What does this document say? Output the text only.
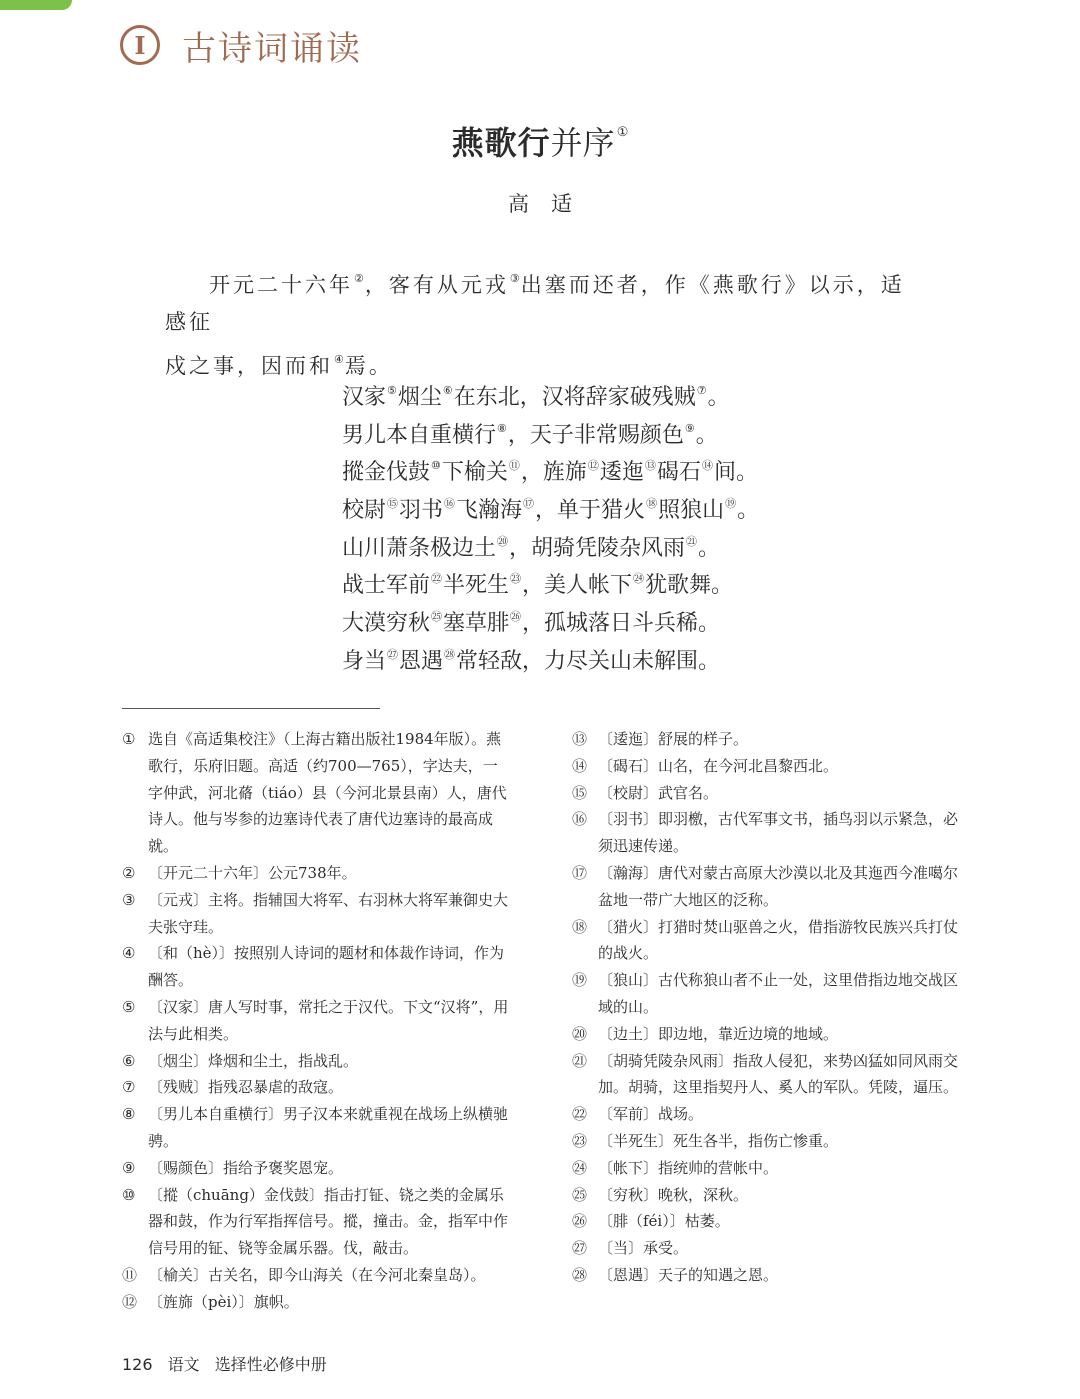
I	古诗词诵读
燕歌行并序 ①
高适

开元二十六年②，客有从元戎③出塞而还者，作《燕歌行》以示，适感征

戍之事，因而和④焉。

汉家⑤烟尘⑥在东北，汉将辞家破残贼⑦。
男儿本自重横行⑧，天子非常赐颜色⑨。
摐金伐鼓⑩下榆关⑪，旌旆⑫逶迤⑬碣石⑭间。
校尉⑮羽书⑯飞瀚海⑰，单于猎火⑱照狼山⑲。
山川萧条极边土⑳，胡骑凭陵杂风雨$^㉑$。
战士军前$^㉒$半死生$^㉓$，美人帐下$^㉔$犹歌舞。
大漠穷秋$^㉕$塞草腓$^㉖$，孤城落日斗兵稀。
身当$^㉗$恩遇$^㉘$常轻敌，力尽关山未解围。
① 选自《高适集校注》（上海古籍出版社1984年版）。燕歌行，乐府旧题。高适（约700—765），字达夫，一字仲武，河北蓨（tiáo）县（今河北景县南）人，唐代诗人。他与岑参的边塞诗代表了唐代边塞诗的最高成就。
② 〔开元二十六年〕公元738年。
③ 〔元戎〕主将。指辅国大将军、右羽林大将军兼御史大夫张守珪。
④ 〔和（hè）〕按照别人诗词的题材和体裁作诗词，作为酬答。
⑤ 〔汉家〕唐人写时事，常托之于汉代。下文“汉将”，用法与此相类。
⑥ 〔烟尘〕烽烟和尘土，指战乱。
⑦ 〔残贼〕指残忍暴虐的敌寇。
⑧ 〔男儿本自重横行〕男子汉本来就重视在战场上纵横驰骋。
⑨ 〔赐颜色〕指给予褒奖恩宠。
⑩ 〔摐（chuāng）金伐鼓〕指击打钲、铙之类的金属乐器和鼓，作为行军指挥信号。摐，撞击。金，指军中作信号用的钲、铙等金属乐器。伐，敲击。
⑪ 〔榆关〕古关名，即今山海关（在今河北秦皇岛）。
⑫ 〔旌旆（pèi）〕旗帜。
⑬ 〔逶迤〕舒展的样子。
⑭ 〔碣石〕山名，在今河北昌黎西北。
⑮ 〔校尉〕武官名。
⑯ 〔羽书〕即羽檄，古代军事文书，插鸟羽以示紧急，必须迅速传递。
⑰ 〔瀚海〕唐代对蒙古高原大沙漠以北及其迤西今准噶尔盆地一带广大地区的泛称。
⑱ 〔猎火〕打猎时焚山驱兽之火，借指游牧民族兴兵打仗的战火。
⑲ 〔狼山〕古代称狼山者不止一处，这里借指边地交战区域的山。
⑳ 〔边土〕即边地，靠近边境的地域。
㉑ 〔胡骑凭陵杂风雨〕指敌人侵犯，来势凶猛如同风雨交加。胡骑，这里指契丹人、奚人的军队。凭陵，逼压。
㉒ 〔军前〕战场。
㉓ 〔半死生〕死生各半，指伤亡惨重。
㉔ 〔帐下〕指统帅的营帐中。
㉕ 〔穷秋〕晚秋，深秋。
㉖ 〔腓（féi）〕枯萎。
㉗ 〔当〕承受。
㉘ 〔恩遇〕天子的知遇之恩。
126 语文 选择性必修中册
